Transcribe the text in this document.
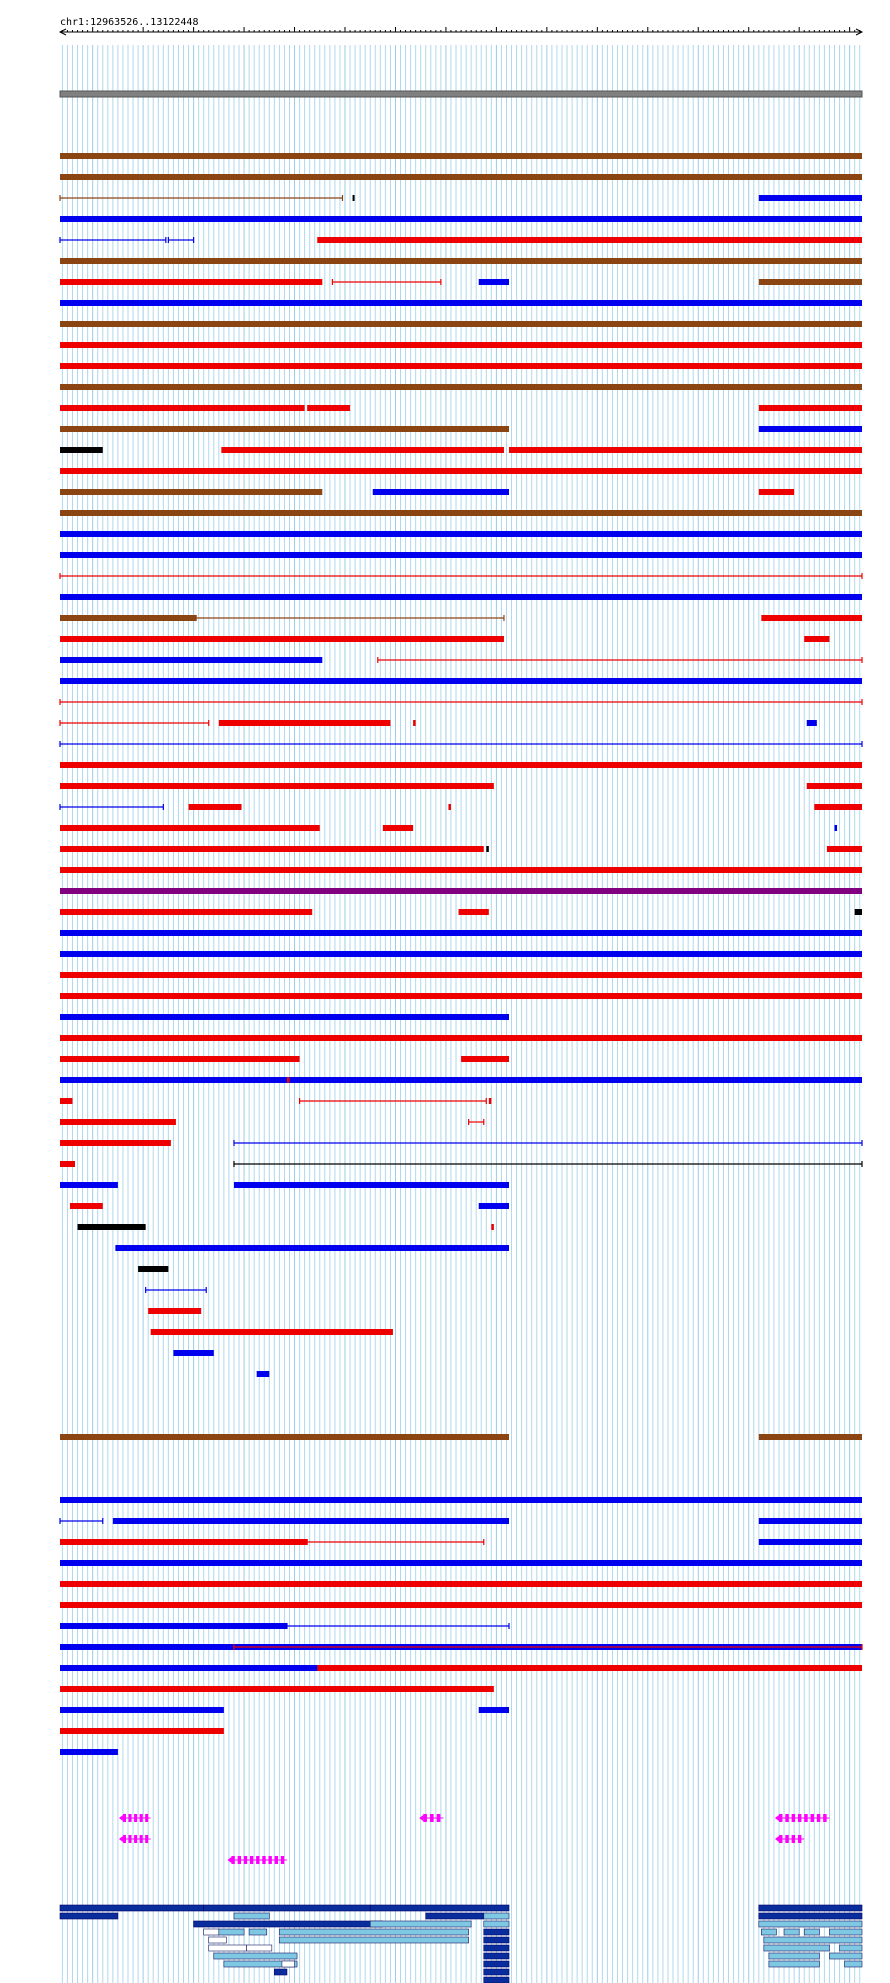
chr1:12963526..13122448
